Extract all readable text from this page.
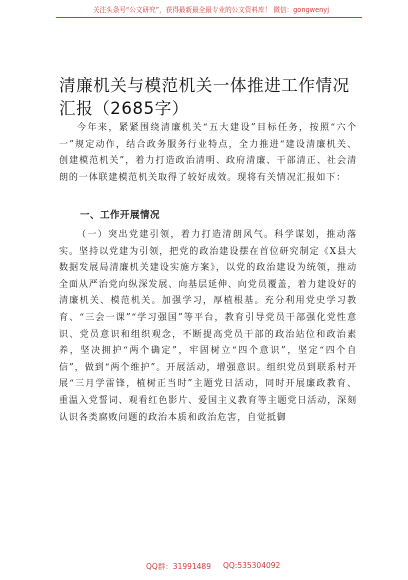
关注头条号“公文研究”，获得最新最全最专业的公文资料库！ 微信：gongwenyj
清廉机关与模范机关一体推进工作情况汇报（2685字）
今年来，紧紧围绕清廉机关“五大建设”目标任务，按照“六个一”规定动作，结合政务服务行业特点，全力推进“建设清廉机关、创建模范机关”，着力打造政治清明、政府清廉、干部清正、社会清朗的一体联建模范机关取得了较好成效。现将有关情况汇报如下：
一、工作开展情况
（一）突出党建引领，着力打造清朗风气。科学谋划，推动落实。坚持以党建为引领，把党的政治建设摆在首位研究制定《X县大数据发展局清廉机关建设实施方案》，以党的政治建设为统领，推动全面从严治党向纵深发展、向基层延伸、向党员覆盖，着力建设好的清廉机关、模范机关。加强学习，厚植根基。充分利用党史学习教育、“三会一课”“学习强国”等平台，教育引导党员干部强化党性意识、党员意识和组织观念，不断提高党员干部的政治站位和政治素养，坚决拥护“两个确定”，牢固树立“四个意识”，坚定“四个自信”，做到“两个维护”。开展活动，增强意识。组织党员到联系村开展“三月学雷锋，植树正当时”主题党日活动，同时开展廉政教育、重温入党誓词、观看红色影片、爱国主义教育等主题党日活动，深刻认识各类腐败问题的政治本质和政治危害，自觉抵御
QQ群：31991489 QQ:535304092
